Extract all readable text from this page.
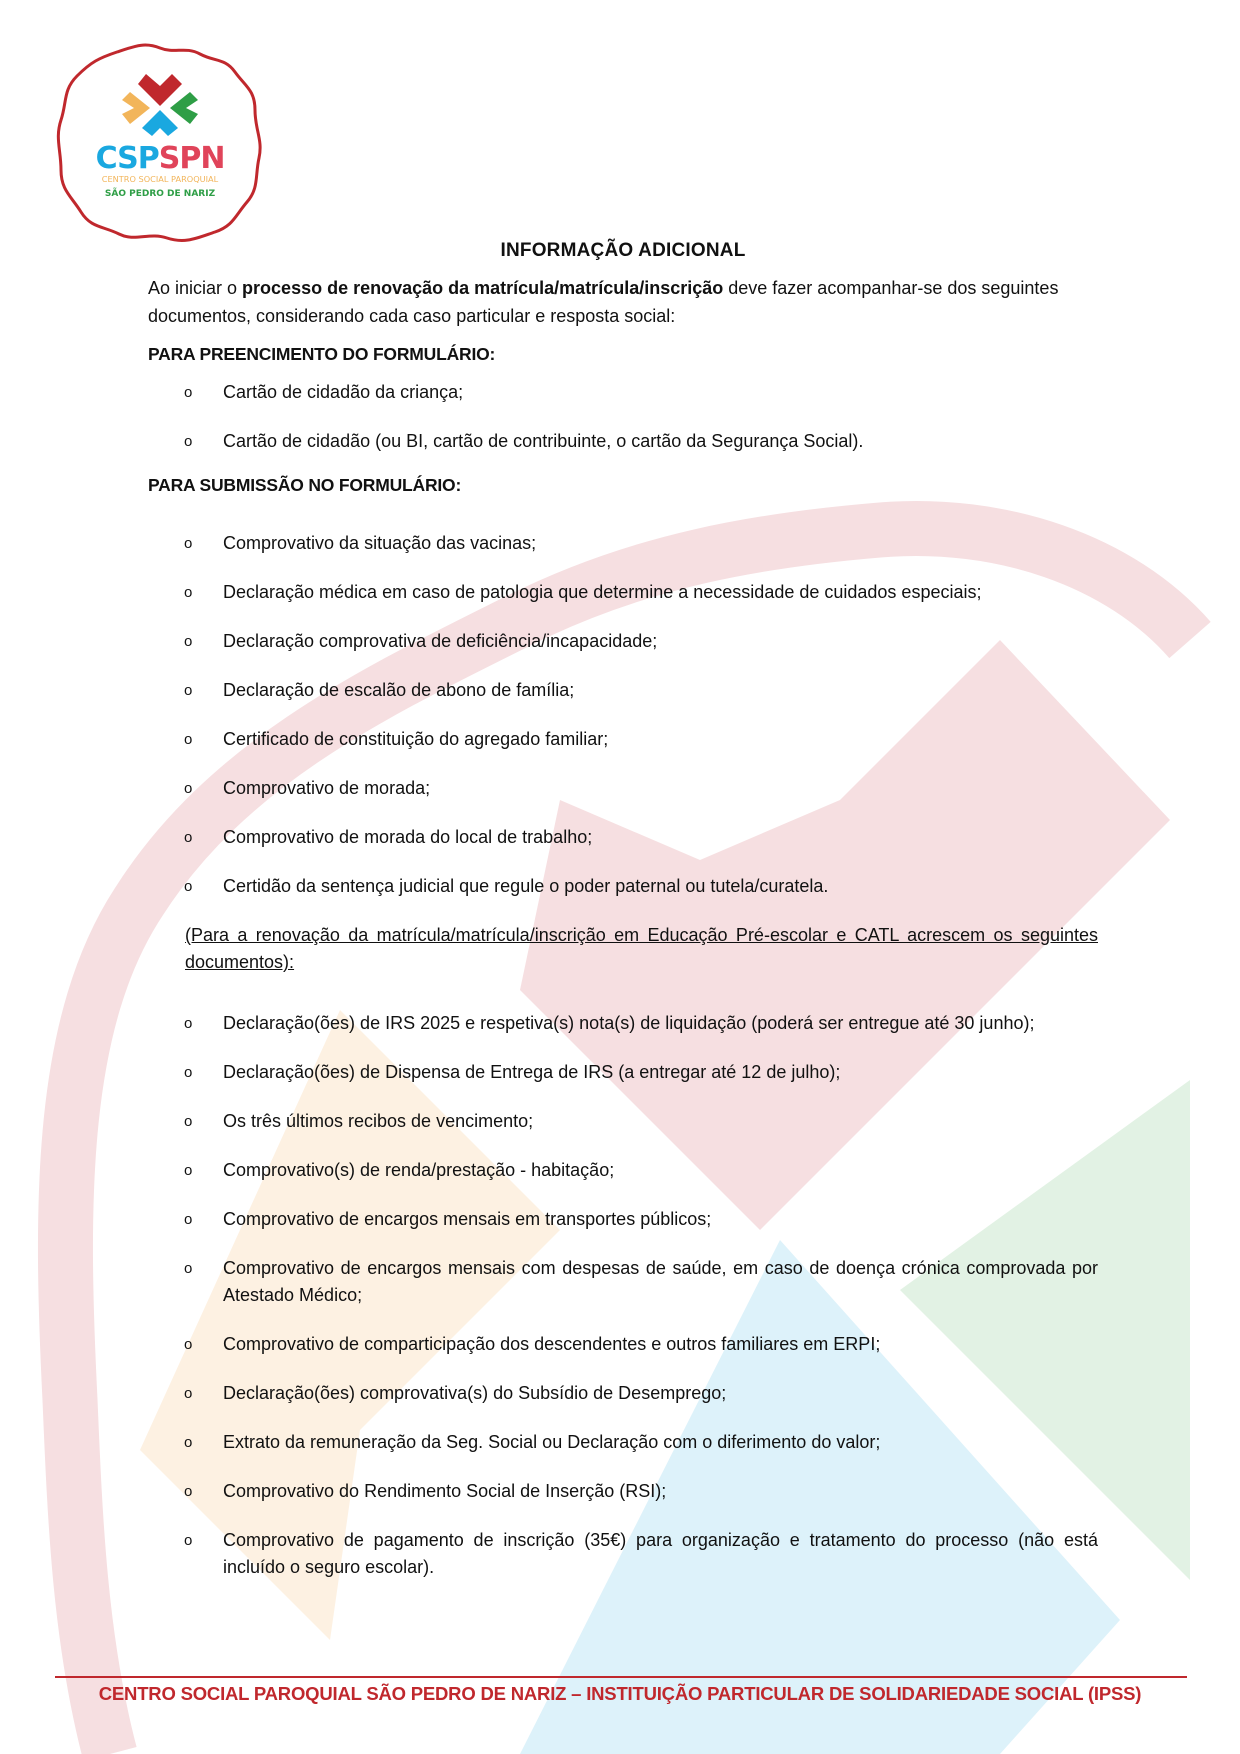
CSPSPN
CENTRO SOCIAL PAROQUIAL
SÃO PEDRO DE NARIZ
INFORMAÇÃO ADICIONAL

Ao iniciar o processo de renovação da matrícula/matrícula/inscrição deve fazer acompanhar-se dos seguintes documentos, considerando cada caso particular e resposta social:

PARA PREENCIMENTO DO FORMULÁRIO:
o Cartão de cidadão da criança;
o Cartão de cidadão (ou BI, cartão de contribuinte, o cartão da Segurança Social).
PARA SUBMISSÃO NO FORMULÁRIO:
o Comprovativo da situação das vacinas;
o Declaração médica em caso de patologia que determine a necessidade de cuidados especiais;
o Declaração comprovativa de deficiência/incapacidade;
o Declaração de escalão de abono de família;
o Certificado de constituição do agregado familiar;
o Comprovativo de morada;
o Comprovativo de morada do local de trabalho;
o Certidão da sentença judicial que regule o poder paternal ou tutela/curatela.

(Para a renovação da matrícula/matrícula/inscrição em Educação Pré-escolar e CATL acrescem os seguintes documentos):

o Declaração(ões) de IRS 2025 e respetiva(s) nota(s) de liquidação (poderá ser entregue até 30 junho);
o Declaração(ões) de Dispensa de Entrega de IRS (a entregar até 12 de julho);
o Os três últimos recibos de vencimento;
o Comprovativo(s) de renda/prestação - habitação;
o Comprovativo de encargos mensais em transportes públicos;
o Comprovativo de encargos mensais com despesas de saúde, em caso de doença crónica comprovada por Atestado Médico;
o Comprovativo de comparticipação dos descendentes e outros familiares em ERPI;
o Declaração(ões) comprovativa(s) do Subsídio de Desemprego;
o Extrato da remuneração da Seg. Social ou Declaração com o diferimento do valor;
o Comprovativo do Rendimento Social de Inserção (RSI);
o Comprovativo de pagamento de inscrição (35€) para organização e tratamento do processo (não está incluído o seguro escolar).
CENTRO SOCIAL PAROQUIAL SÃO PEDRO DE NARIZ – INSTITUIÇÃO PARTICULAR DE SOLIDARIEDADE SOCIAL (IPSS)
